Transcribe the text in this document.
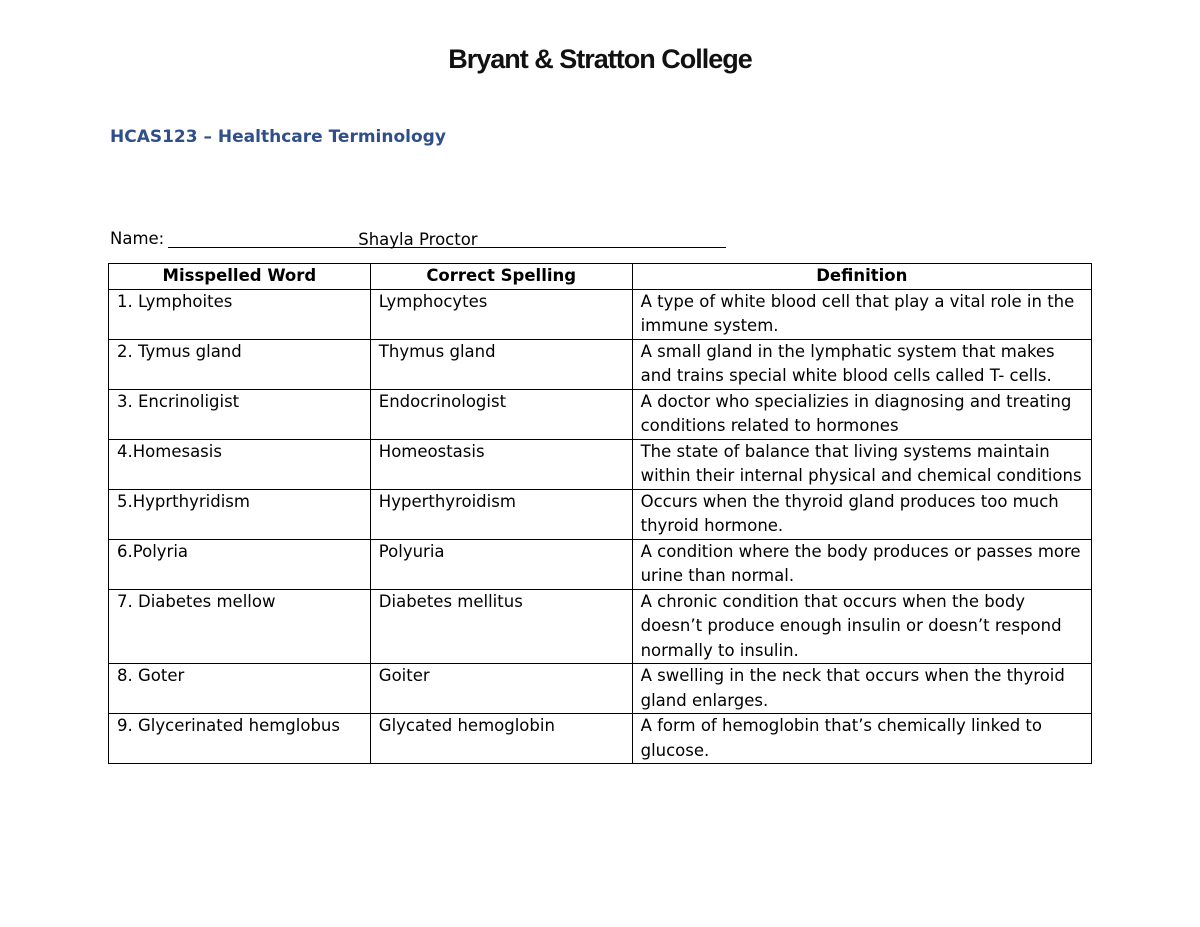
Bryant & Stratton College
HCAS123 – Healthcare Terminology
Name:	Shayla Proctor
Misspelled Word	Correct Spelling	Definition
1. Lymphoites	Lymphocytes	A type of white blood cell that play a vital role in the immune system.
2. Tymus gland	Thymus gland	A small gland in the lymphatic system that makes and trains special white blood cells called T- cells.
3. Encrinoligist	Endocrinologist	A doctor who specializies in diagnosing and treating conditions related to hormones
4.Homesasis	Homeostasis	The state of balance that living systems maintain within their internal physical and chemical conditions
5.Hyprthyridism	Hyperthyroidism	Occurs when the thyroid gland produces too much thyroid hormone.
6.Polyria	Polyuria	A condition where the body produces or passes more urine than normal.
7. Diabetes mellow	Diabetes mellitus	A chronic condition that occurs when the body doesn’t produce enough insulin or doesn’t respond normally to insulin.
8. Goter	Goiter	A swelling in the neck that occurs when the thyroid gland enlarges.
9. Glycerinated hemglobus	Glycated hemoglobin	A form of hemoglobin that’s chemically linked to glucose.
